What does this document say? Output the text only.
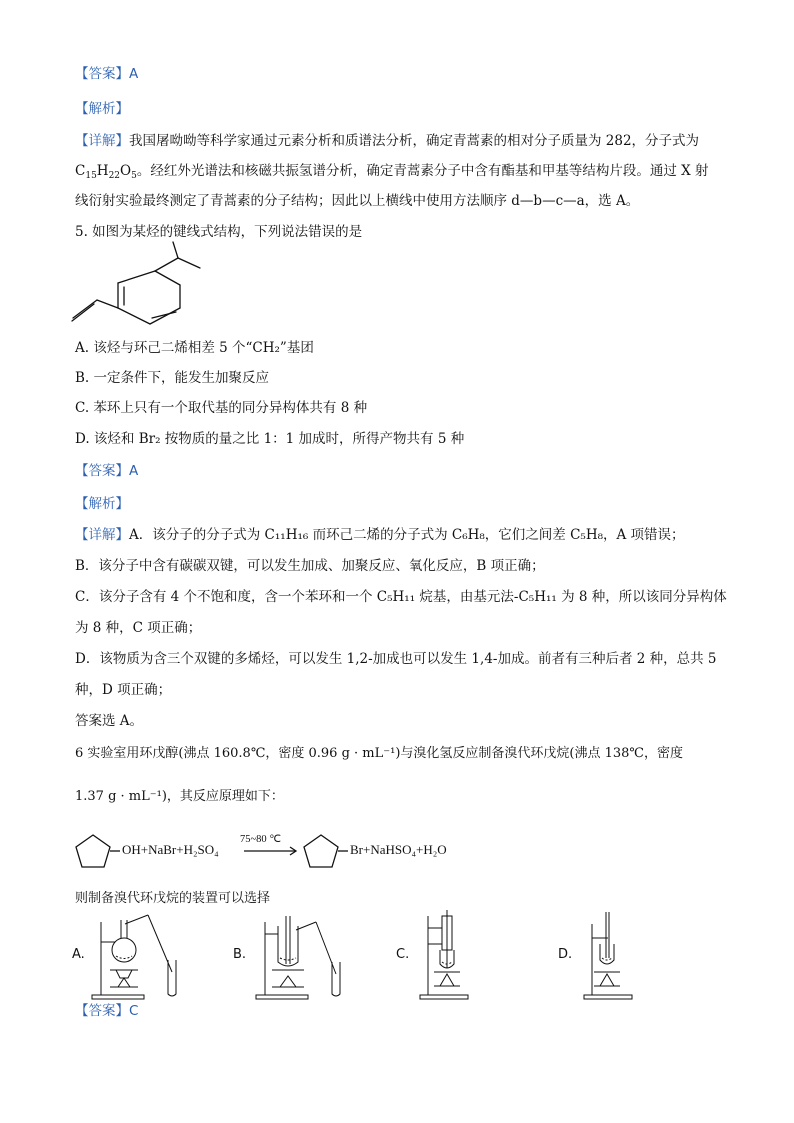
【答案】A
【解析】
【详解】我国屠呦呦等科学家通过元素分析和质谱法分析，确定青蒿素的相对分子质量为 282，分子式为
$C_{15}H_{22}O_5$。经红外光谱法和核磁共振氢谱分析，确定青蒿素分子中含有酯基和甲基等结构片段。通过 X 射
线衍射实验最终测定了青蒿素的分子结构；因此以上横线中使用方法顺序 d—b—c—a，选 A。
5. 如图为某烃的键线式结构，下列说法错误的是
A. 该烃与环己二烯相差 5 个“CH₂”基团
B. 一定条件下，能发生加聚反应
C. 苯环上只有一个取代基的同分异构体共有 8 种
D. 该烃和 Br₂ 按物质的量之比 1：1 加成时，所得产物共有 5 种
【答案】A
【解析】
【详解】A．该分子的分子式为 C₁₁H₁₆ 而环己二烯的分子式为 C₆H₈，它们之间差 C₅H₈，A 项错误；
B．该分子中含有碳碳双键，可以发生加成、加聚反应、氧化反应，B 项正确；
C．该分子含有 4 个不饱和度，含一个苯环和一个 C₅H₁₁ 烷基，由基元法-C₅H₁₁ 为 8 种，所以该同分异构体
为 8 种，C 项正确；
D．该物质为含三个双键的多烯烃，可以发生 1,2-加成也可以发生 1,4-加成。前者有三种后者 2 种，总共 5
种，D 项正确；
答案选 A。
6 实验室用环戊醇(沸点 160.8℃，密度 0.96 g · mL⁻¹)与溴化氢反应制备溴代环戊烷(沸点 138℃，密度
1.37 g · mL⁻¹)，其反应原理如下：
OH+NaBr+H₂SO₄
75~80 ℃
Br+NaHSO₄+H₂O
则制备溴代环戊烷的装置可以选择
A.	B.	C.	D.
【答案】C
